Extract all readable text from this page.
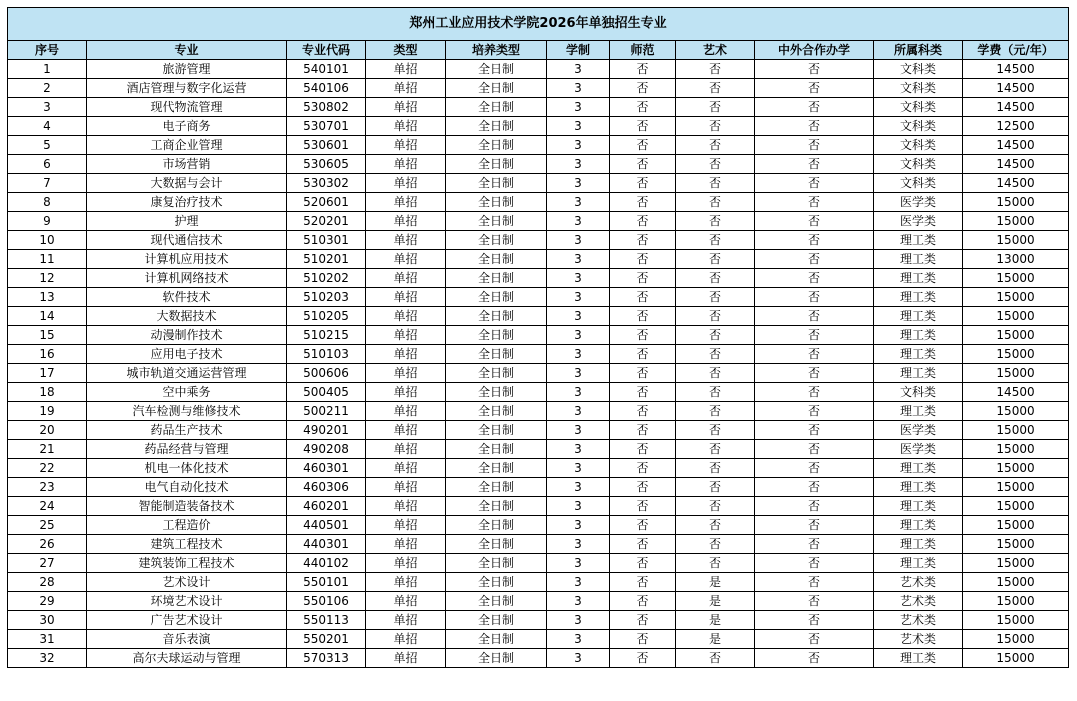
郑州工业应用技术学院2026年单独招生专业										
序号	专业	专业代码	类型	培养类型	学制	师范	艺术	中外合作办学	所属科类	学费（元/年）
1	旅游管理	540101	单招	全日制	3	否	否	否	文科类	14500
2	酒店管理与数字化运营	540106	单招	全日制	3	否	否	否	文科类	14500
3	现代物流管理	530802	单招	全日制	3	否	否	否	文科类	14500
4	电子商务	530701	单招	全日制	3	否	否	否	文科类	12500
5	工商企业管理	530601	单招	全日制	3	否	否	否	文科类	14500
6	市场营销	530605	单招	全日制	3	否	否	否	文科类	14500
7	大数据与会计	530302	单招	全日制	3	否	否	否	文科类	14500
8	康复治疗技术	520601	单招	全日制	3	否	否	否	医学类	15000
9	护理	520201	单招	全日制	3	否	否	否	医学类	15000
10	现代通信技术	510301	单招	全日制	3	否	否	否	理工类	15000
11	计算机应用技术	510201	单招	全日制	3	否	否	否	理工类	13000
12	计算机网络技术	510202	单招	全日制	3	否	否	否	理工类	15000
13	软件技术	510203	单招	全日制	3	否	否	否	理工类	15000
14	大数据技术	510205	单招	全日制	3	否	否	否	理工类	15000
15	动漫制作技术	510215	单招	全日制	3	否	否	否	理工类	15000
16	应用电子技术	510103	单招	全日制	3	否	否	否	理工类	15000
17	城市轨道交通运营管理	500606	单招	全日制	3	否	否	否	理工类	15000
18	空中乘务	500405	单招	全日制	3	否	否	否	文科类	14500
19	汽车检测与维修技术	500211	单招	全日制	3	否	否	否	理工类	15000
20	药品生产技术	490201	单招	全日制	3	否	否	否	医学类	15000
21	药品经营与管理	490208	单招	全日制	3	否	否	否	医学类	15000
22	机电一体化技术	460301	单招	全日制	3	否	否	否	理工类	15000
23	电气自动化技术	460306	单招	全日制	3	否	否	否	理工类	15000
24	智能制造装备技术	460201	单招	全日制	3	否	否	否	理工类	15000
25	工程造价	440501	单招	全日制	3	否	否	否	理工类	15000
26	建筑工程技术	440301	单招	全日制	3	否	否	否	理工类	15000
27	建筑装饰工程技术	440102	单招	全日制	3	否	否	否	理工类	15000
28	艺术设计	550101	单招	全日制	3	否	是	否	艺术类	15000
29	环境艺术设计	550106	单招	全日制	3	否	是	否	艺术类	15000
30	广告艺术设计	550113	单招	全日制	3	否	是	否	艺术类	15000
31	音乐表演	550201	单招	全日制	3	否	是	否	艺术类	15000
32	高尔夫球运动与管理	570313	单招	全日制	3	否	否	否	理工类	15000
